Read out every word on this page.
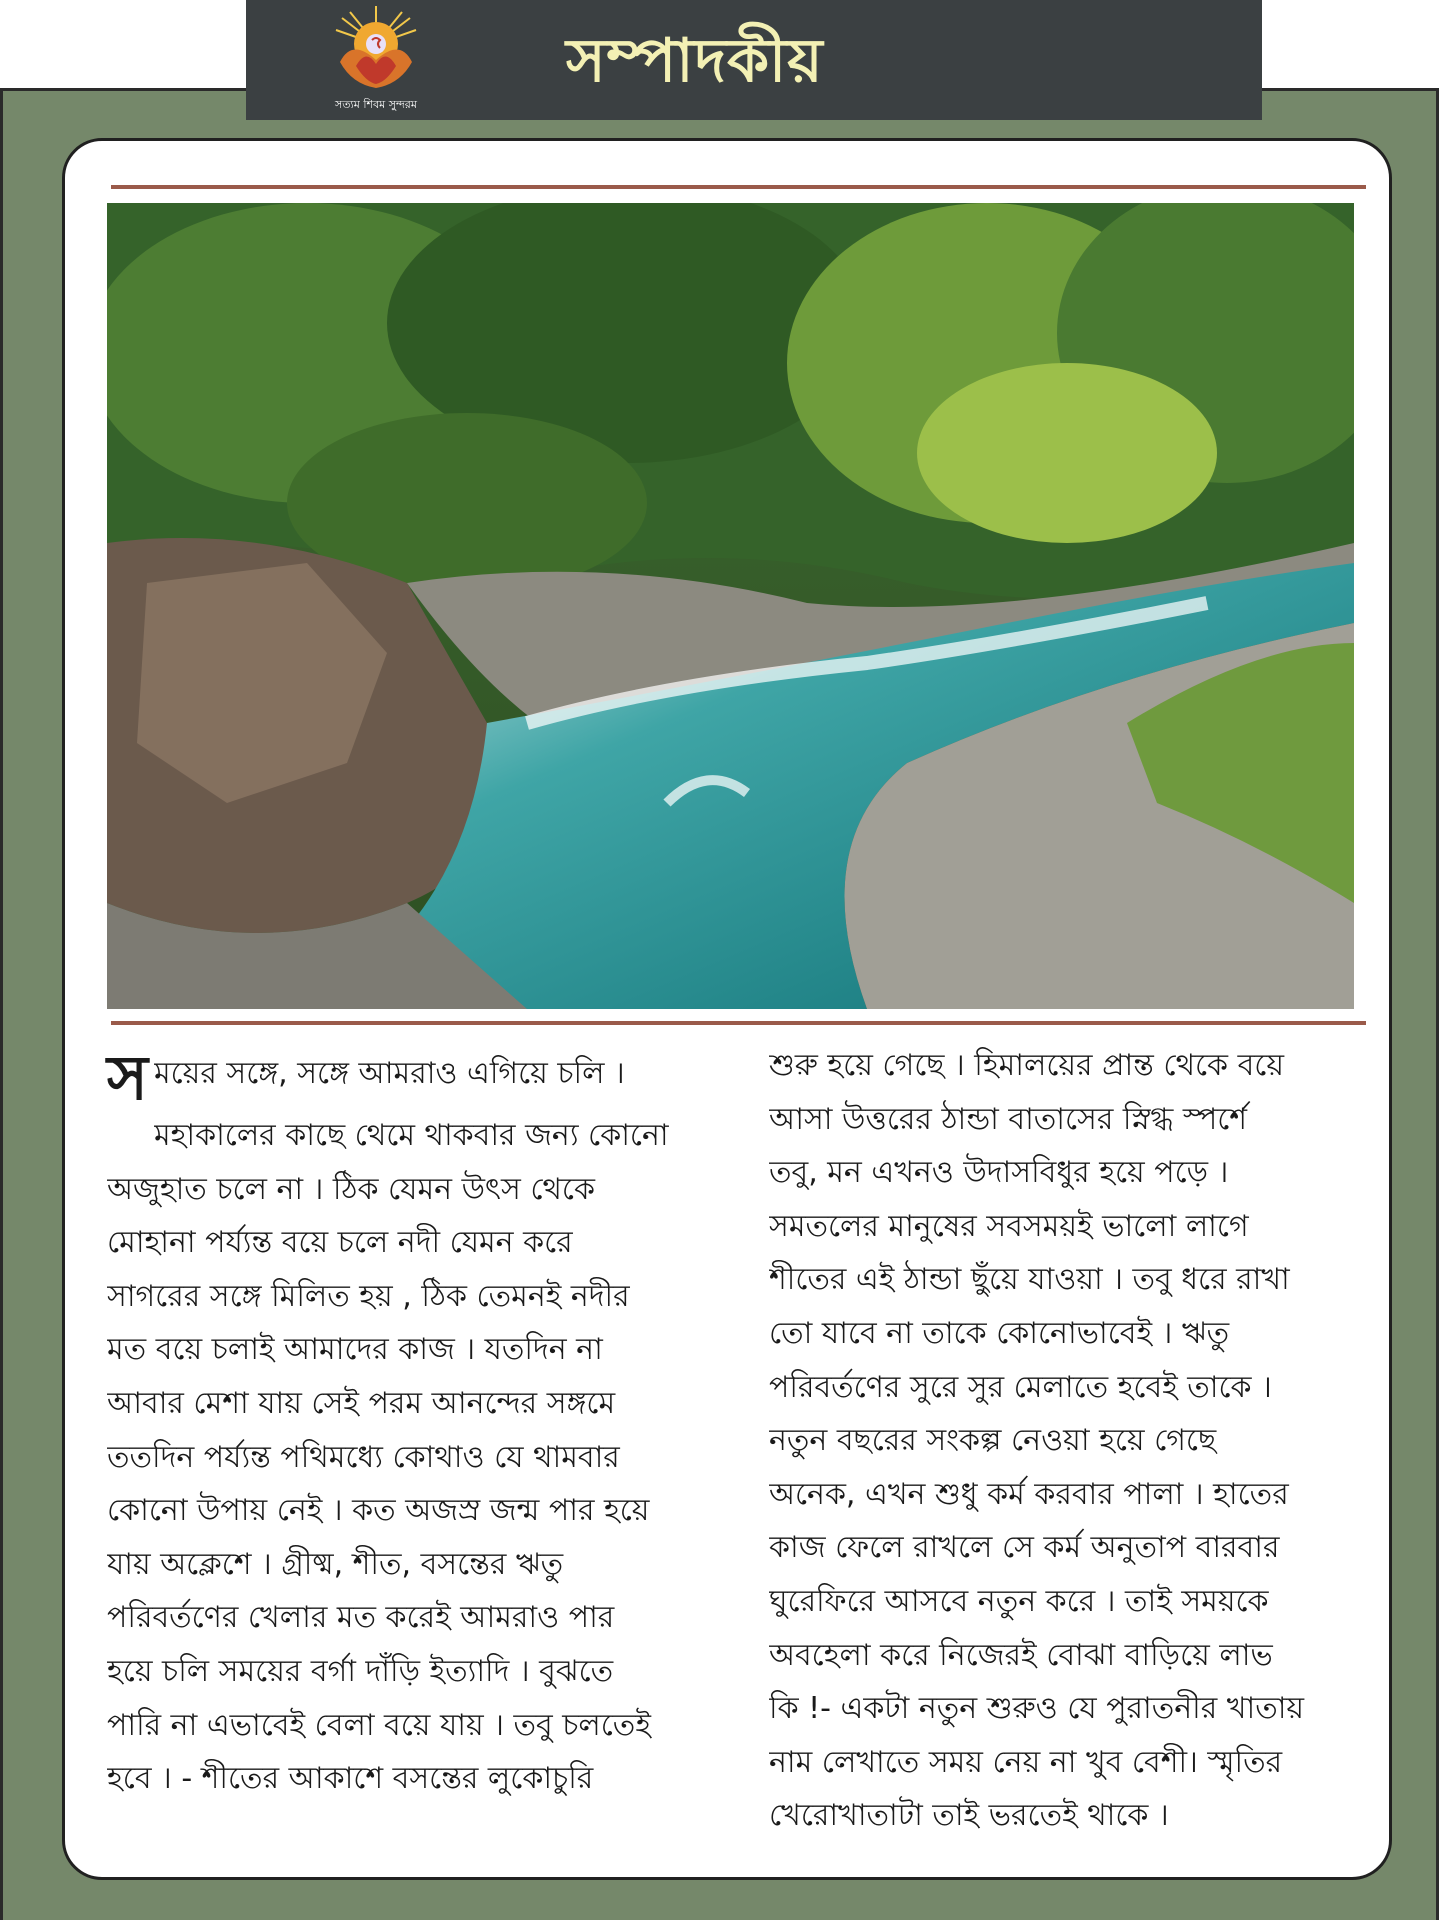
সত্যম শিবম সুন্দরম
সম্পাদকীয়
স ময়ের সঙ্গে, সঙ্গে আমরাও এগিয়ে চলি ।
মহাকালের কাছে থেমে থাকবার জন্য কোনো
অজুহাত চলে না । ঠিক যেমন উৎস থেকে
মোহানা পর্য্যন্ত বয়ে চলে নদী যেমন করে
সাগরের সঙ্গে মিলিত হয় , ঠিক তেমনই নদীর
মত বয়ে চলাই আমাদের কাজ । যতদিন না
আবার মেশা যায় সেই পরম আনন্দের সঙ্গমে
ততদিন পর্য্যন্ত পথিমধ্যে কোথাও যে থামবার
কোনো উপায় নেই । কত অজস্র জন্ম পার হয়ে
যায় অক্লেশে । গ্রীষ্ম, শীত, বসন্তের ঋতু
পরিবর্তণের খেলার মত করেই আমরাও পার
হয়ে চলি সময়ের বর্গা দাঁড়ি ইত্যাদি । বুঝতে
পারি না এভাবেই বেলা বয়ে যায় । তবু চলতেই
হবে । - শীতের আকাশে বসন্তের লুকোচুরি
শুরু হয়ে গেছে । হিমালয়ের প্রান্ত থেকে বয়ে
আসা উত্তরের ঠান্ডা বাতাসের স্নিগ্ধ স্পর্শে
তবু, মন এখনও উদাসবিধুর হয়ে পড়ে ।
সমতলের মানুষের সবসময়ই ভালো লাগে
শীতের এই ঠান্ডা ছুঁয়ে যাওয়া । তবু ধরে রাখা
তো যাবে না তাকে কোনোভাবেই । ঋতু
পরিবর্তণের সুরে সুর মেলাতে হবেই তাকে ।
নতুন বছরের সংকল্প নেওয়া হয়ে গেছে
অনেক, এখন শুধু কর্ম করবার পালা । হাতের
কাজ ফেলে রাখলে সে কর্ম অনুতাপ বারবার
ঘুরেফিরে আসবে নতুন করে । তাই সময়কে
অবহেলা করে নিজেরই বোঝা বাড়িয়ে লাভ
কি !- একটা নতুন শুরুও যে পুরাতনীর খাতায়
নাম লেখাতে সময় নেয় না খুব বেশী। স্মৃতির
খেরোখাতাটা তাই ভরতেই থাকে ।
